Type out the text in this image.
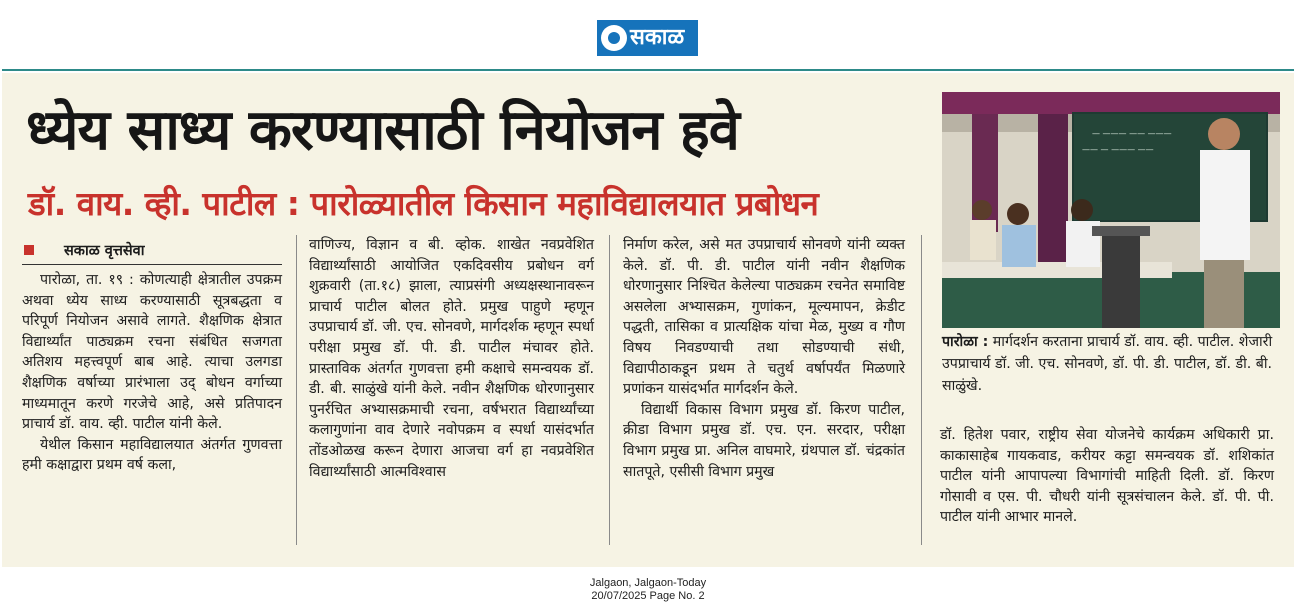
सकाळ
ध्येय साध्य करण्यासाठी नियोजन हवे
डॉ. वाय. व्ही. पाटील : पारोळ्यातील किसान महाविद्यालयात प्रबोधन
सकाळ वृत्तसेवा

पारोळा, ता. १९ : कोणत्याही क्षेत्रातील उपक्रम अथवा ध्येय साध्य करण्यासाठी सूत्रबद्धता व परिपूर्ण नियोजन असावे लागते. शैक्षणिक क्षेत्रात विद्यार्थ्यांत पाठ्यक्रम रचना संबंधित सजगता अतिशय महत्त्वपूर्ण बाब आहे. त्याचा उलगडा शैक्षणिक वर्षाच्या प्रारंभाला उद् बोधन वर्गाच्या माध्यमातून करणे गरजेचे आहे, असे प्रतिपादन प्राचार्य डॉ. वाय. व्ही. पाटील यांनी केले.

येथील किसान महाविद्यालयात अंतर्गत गुणवत्ता हमी कक्षाद्वारा प्रथम वर्ष कला,

वाणिज्य, विज्ञान व बी. व्होक. शाखेत नवप्रवेशित विद्यार्थ्यांसाठी आयोजित एकदिवसीय प्रबोधन वर्ग शुक्रवारी (ता.१८) झाला, त्याप्रसंगी अध्यक्षस्थानावरून प्राचार्य पाटील बोलत होते. प्रमुख पाहुणे म्हणून उपप्राचार्य डॉ. जी. एच. सोनवणे, मार्गदर्शक म्हणून स्पर्धा परीक्षा प्रमुख डॉ. पी. डी. पाटील मंचावर होते. प्रास्ताविक अंतर्गत गुणवत्ता हमी कक्षाचे समन्वयक डॉ. डी. बी. साळुंखे यांनी केले. नवीन शैक्षणिक धोरणानुसार पुनर्रचित अभ्यासक्रमाची रचना, वर्षभरात विद्यार्थ्यांच्या कलागुणांना वाव देणारे नवोपक्रम व स्पर्धा यासंदर्भात तोंडओळख करून देणारा आजचा वर्ग हा नवप्रवेशित विद्यार्थ्यांसाठी आत्मविश्वास

निर्माण करेल, असे मत उपप्राचार्य सोनवणे यांनी व्यक्त केले. डॉ. पी. डी. पाटील यांनी नवीन शैक्षणिक धोरणानुसार निश्चित केलेल्या पाठ्यक्रम रचनेत समाविष्ट असलेला अभ्यासक्रम, गुणांकन, मूल्यमापन, क्रेडीट पद्धती, तासिका व प्रात्यक्षिक यांचा मेळ, मुख्य व गौण विषय निवडण्याची तथा सोडण्याची संधी, विद्यापीठाकडून प्रथम ते चतुर्थ वर्षापर्यंत मिळणारे प्रणांकन यासंदर्भात मार्गदर्शन केले.

विद्यार्थी विकास विभाग प्रमुख डॉ. किरण पाटील, क्रीडा विभाग प्रमुख डॉ. एच. एन. सरदार, परीक्षा विभाग प्रमुख प्रा. अनिल वाघमारे, ग्रंथपाल डॉ. चंद्रकांत सातपूते, एसीसी विभाग प्रमुख

— ——— —— ———
—— — ——— ——
पारोळा : मार्गदर्शन करताना प्राचार्य डॉ. वाय. व्ही. पाटील. शेजारी उपप्राचार्य डॉ. जी. एच. सोनवणे, डॉ. पी. डी. पाटील, डॉ. डी. बी. साळुंखे.

डॉ. हितेश पवार, राष्ट्रीय सेवा योजनेचे कार्यक्रम अधिकारी प्रा. काकासाहेब गायकवाड, करीयर कट्टा समन्वयक डॉ. शशिकांत पाटील यांनी आपापल्या विभागांची माहिती दिली. डॉ. किरण गोसावी व एस. पी. चौधरी यांनी सूत्रसंचालन केले. डॉ. पी. पी. पाटील यांनी आभार मानले.

Jalgaon, Jalgaon-Today
20/07/2025 Page No. 2
